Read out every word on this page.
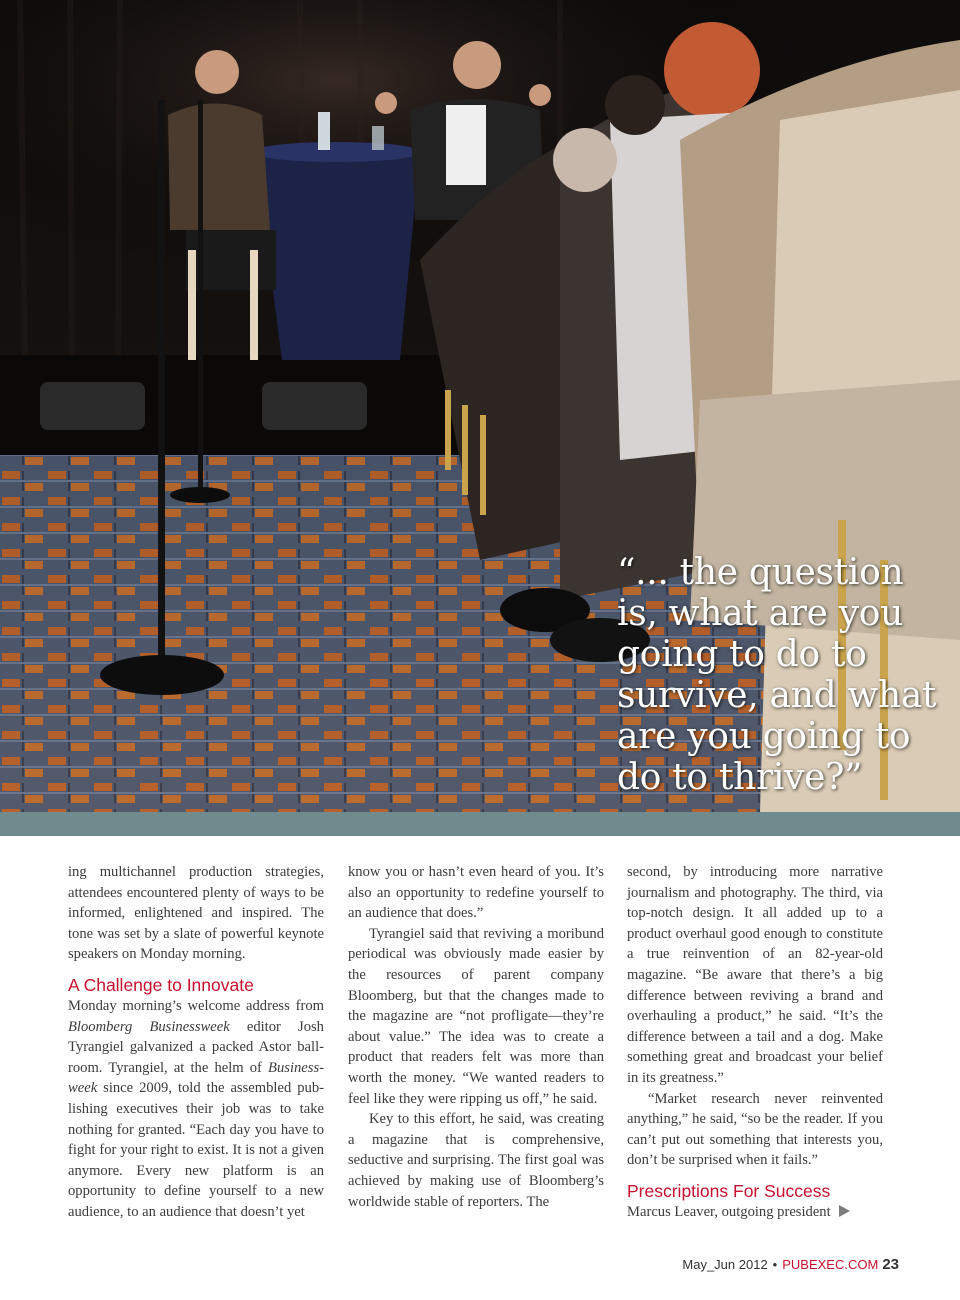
“... the question is, what are you going to do to survive, and what are you going to do to thrive?”

ing multichannel production strategies, attendees encountered plenty of ways to be informed, enlightened and inspired. The tone was set by a slate of powerful keynote speakers on Monday morning.

A Challenge to Innovate

Monday morning’s welcome address from Bloomberg Businessweek editor Josh Tyrangiel galvanized a packed Astor ballroom. Tyrangiel, at the helm of Businessweek since 2009, told the assembled publishing executives their job was to take nothing for granted. “Each day you have to fight for your right to exist. It is not a given anymore. Every new platform is an opportunity to define yourself to a new audience, to an audience that doesn’t yet

know you or hasn’t even heard of you. It’s also an opportunity to redefine yourself to an audience that does.”

Tyrangiel said that reviving a moribund periodical was obviously made easier by the resources of parent company Bloomberg, but that the changes made to the magazine are “not profligate—they’re about value.” The idea was to create a product that readers felt was more than worth the money. “We wanted readers to feel like they were ripping us off,” he said.

Key to this effort, he said, was creating a magazine that is comprehensive, seductive and surprising. The first goal was achieved by making use of Bloomberg’s worldwide stable of reporters. The

second, by introducing more narrative journalism and photography. The third, via top-notch design. It all added up to a product overhaul good enough to constitute a true reinvention of an 82-year-old magazine. “Be aware that there’s a big difference between reviving a brand and overhauling a product,” he said. “It’s the difference between a tail and a dog. Make something great and broadcast your belief in its greatness.”

“Market research never reinvented anything,” he said, “so be the reader. If you can’t put out something that interests you, don’t be surprised when it fails.”

Prescriptions For Success

Marcus Leaver, outgoing president

May_Jun 2012 • PUBEXEC.COM 23
